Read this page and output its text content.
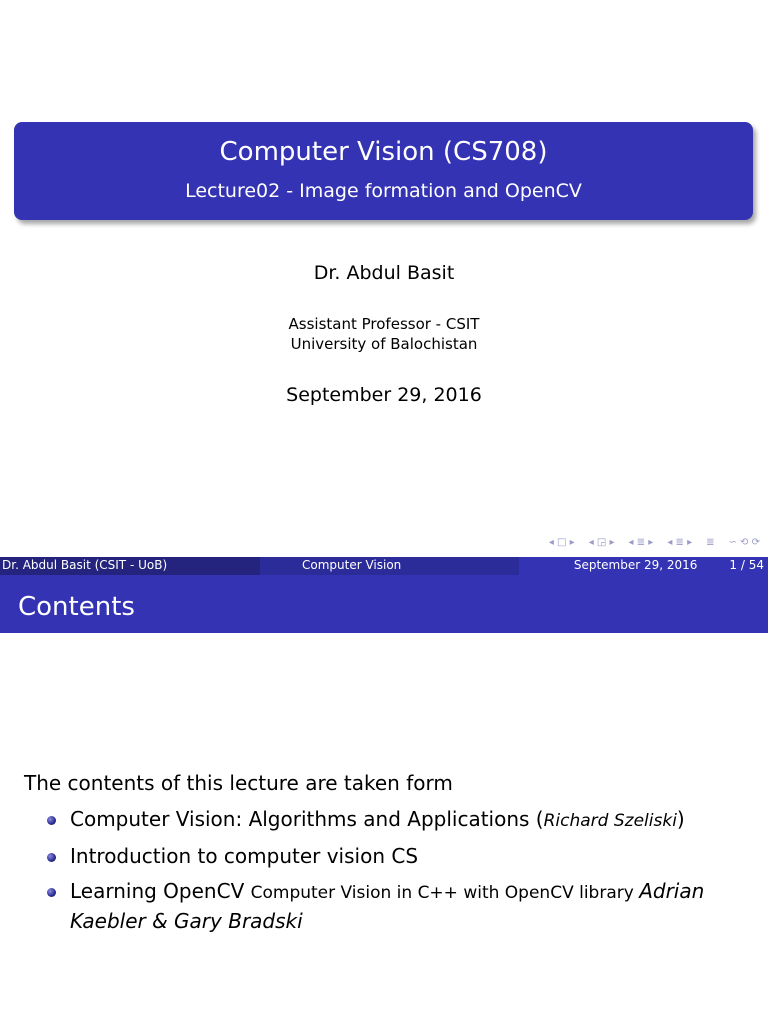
Computer Vision (CS708)
Lecture02 - Image formation and OpenCV
Dr. Abdul Basit
Assistant Professor - CSIT
University of Balochistan
September 29, 2016
◂ □ ▸ ◂ ◲ ▸ ◂ ≣ ▸ ◂ ≣ ▸ ≣ ∽ ⟲ ⟳
Dr. Abdul Basit (CSIT - UoB)	Computer Vision	September 29, 2016	1 / 54
Contents
The contents of this lecture are taken form
Computer Vision: Algorithms and Applications (Richard Szeliski)
Introduction to computer vision CS
Learning OpenCV Computer Vision in C++ with OpenCV library Adrian Kaebler & Gary Bradski
